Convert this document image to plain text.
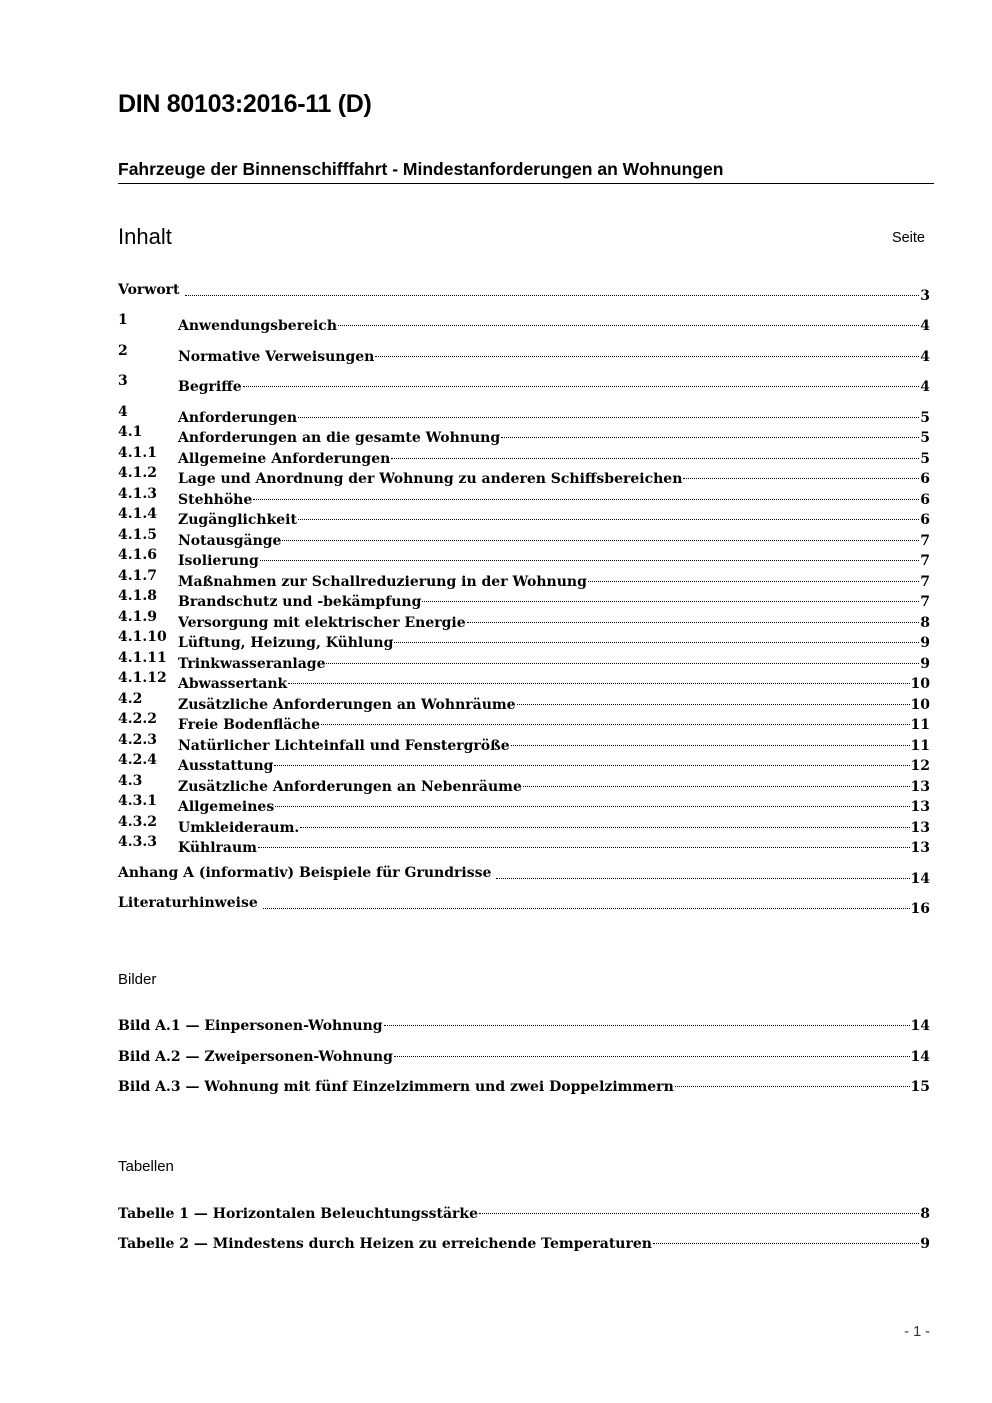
DIN 80103:2016-11 (D)
Fahrzeuge der Binnenschifffahrt - Mindestanforderungen an Wohnungen
Inhalt	Seite
Vorwort	3
1	Anwendungsbereich	4
2	Normative Verweisungen	4
3	Begriffe	4
4	Anforderungen	5
4.1	Anforderungen an die gesamte Wohnung	5
4.1.1 Allgemeine Anforderungen	5
4.1.2 Lage und Anordnung der Wohnung zu anderen Schiffsbereichen	6
4.1.3 Stehhöhe	6
4.1.4 Zugänglichkeit	6
4.1.5 Notausgänge	7
4.1.6 Isolierung	7
4.1.7 Maßnahmen zur Schallreduzierung in der Wohnung	7
4.1.8 Brandschutz und -bekämpfung	7
4.1.9 Versorgung mit elektrischer Energie	8
4.1.10 Lüftung, Heizung, Kühlung	9
4.1.11 Trinkwasseranlage	9
4.1.12 Abwassertank	10
4.2	Zusätzliche Anforderungen an Wohnräume	10
4.2.2 Freie Bodenfläche	11
4.2.3 Natürlicher Lichteinfall und Fenstergröße	11
4.2.4 Ausstattung	12
4.3	Zusätzliche Anforderungen an Nebenräume	13
4.3.1 Allgemeines	13
4.3.2 Umkleideraum.	13
4.3.3 Kühlraum	13
Anhang A (informativ) Beispiele für Grundrisse	14
Literaturhinweise	16
Bilder
Bild A.1 — Einpersonen-Wohnung	14
Bild A.2 — Zweipersonen-Wohnung	14
Bild A.3 — Wohnung mit fünf Einzelzimmern und zwei Doppelzimmern	15
Tabellen
Tabelle 1 — Horizontalen Beleuchtungsstärke	8
Tabelle 2 — Mindestens durch Heizen zu erreichende Temperaturen	9
- 1 -
